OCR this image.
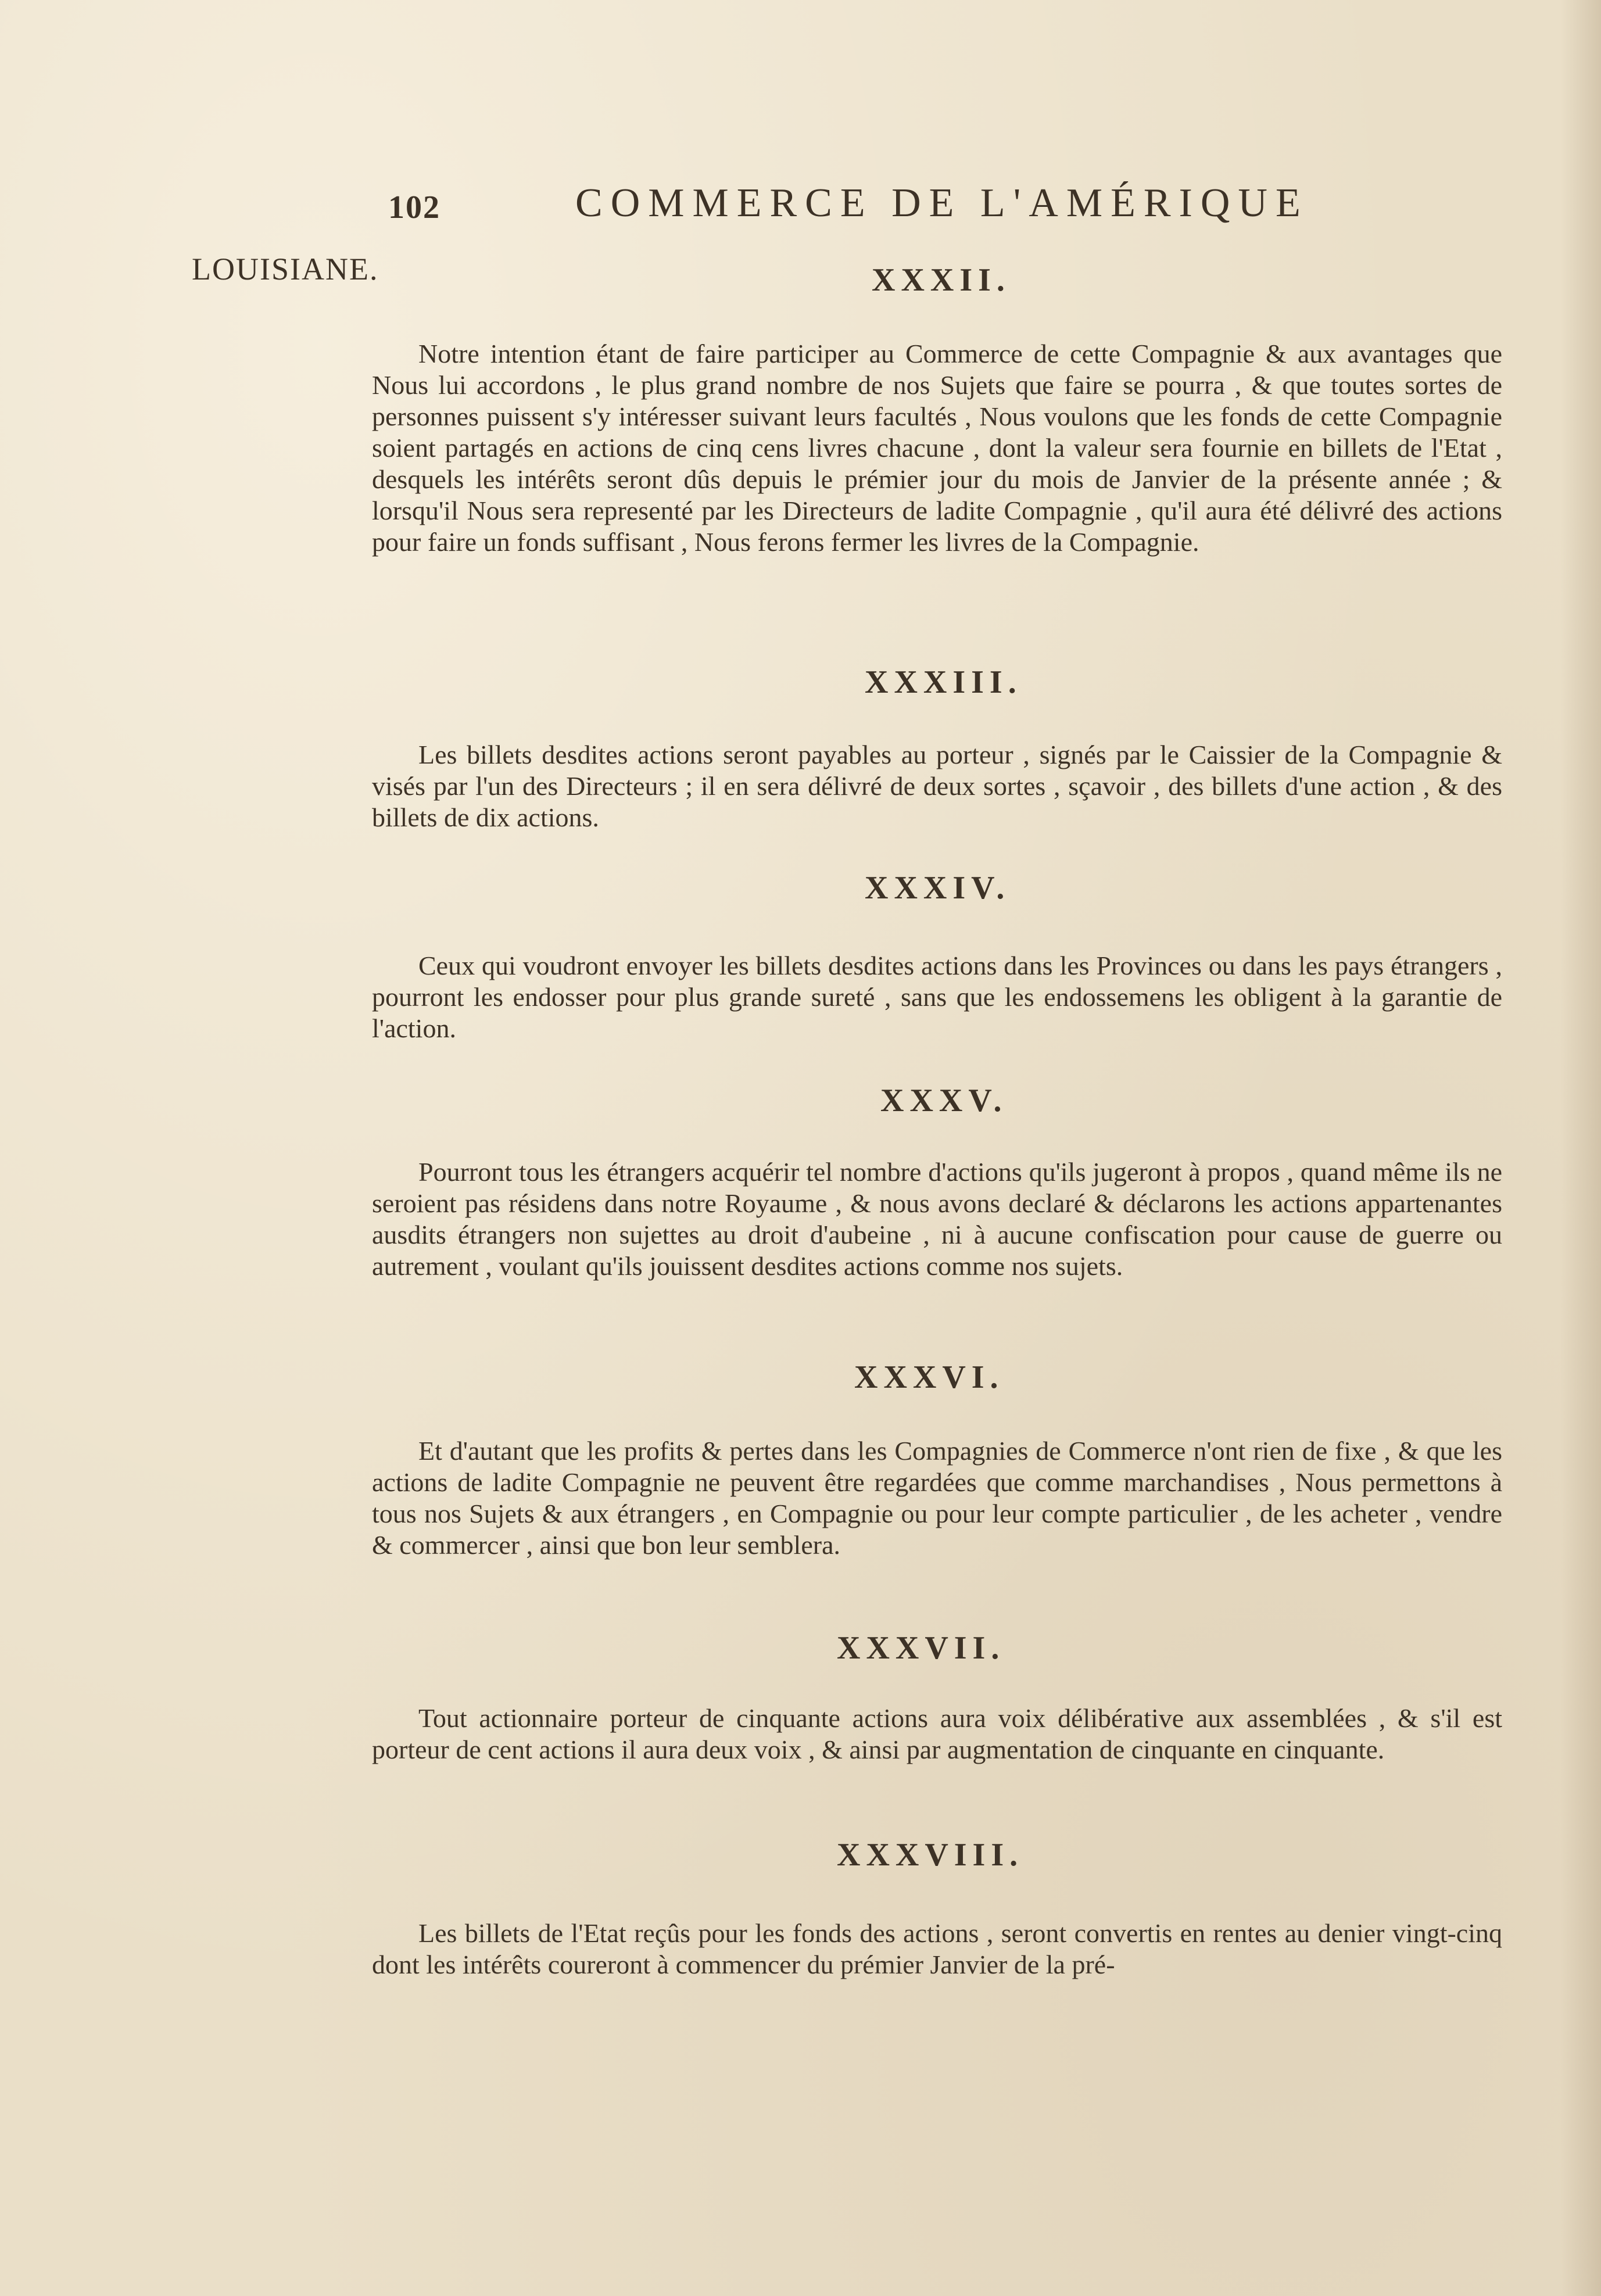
102	COMMERCE DE L'AMÉRIQUE
LOUISIANE.	XXXII.

Notre intention étant de faire participer au Commerce de cette Compagnie & aux avantages que Nous lui accordons , le plus grand nombre de nos Sujets que faire se pourra , & que toutes sortes de personnes puissent s'y intéresser suivant leurs facultés , Nous voulons que les fonds de cette Compagnie soient partagés en actions de cinq cens livres chacune , dont la valeur sera fournie en billets de l'Etat , desquels les intérêts seront dûs depuis le prémier jour du mois de Janvier de la présente année ; & lorsqu'il Nous sera representé par les Directeurs de ladite Compagnie , qu'il aura été délivré des actions pour faire un fonds suffisant , Nous ferons fermer les livres de la Compagnie.

XXXIII.

Les billets desdites actions seront payables au porteur , signés par le Caissier de la Compagnie & visés par l'un des Directeurs ; il en sera délivré de deux sortes , sçavoir , des billets d'une action , & des billets de dix actions.

XXXIV.

Ceux qui voudront envoyer les billets desdites actions dans les Provinces ou dans les pays étrangers , pourront les endosser pour plus grande sureté , sans que les endossemens les obligent à la garantie de l'action.

XXXV.

Pourront tous les étrangers acquérir tel nombre d'actions qu'ils jugeront à propos , quand même ils ne seroient pas résidens dans notre Royaume , & nous avons declaré & déclarons les actions appartenantes ausdits étrangers non sujettes au droit d'aubeine , ni à aucune confiscation pour cause de guerre ou autrement , voulant qu'ils jouissent desdites actions comme nos sujets.

XXXVI.

Et d'autant que les profits & pertes dans les Compagnies de Commerce n'ont rien de fixe , & que les actions de ladite Compagnie ne peuvent être regardées que comme marchandises , Nous permettons à tous nos Sujets & aux étrangers , en Compagnie ou pour leur compte particulier , de les acheter , vendre & commercer , ainsi que bon leur semblera.

XXXVII.

Tout actionnaire porteur de cinquante actions aura voix délibérative aux assemblées , & s'il est porteur de cent actions il aura deux voix , & ainsi par augmentation de cinquante en cinquante.

XXXVIII.

Les billets de l'Etat reçûs pour les fonds des actions , seront convertis en rentes au denier vingt-cinq dont les intérêts coureront à commencer du prémier Janvier de la pré-
